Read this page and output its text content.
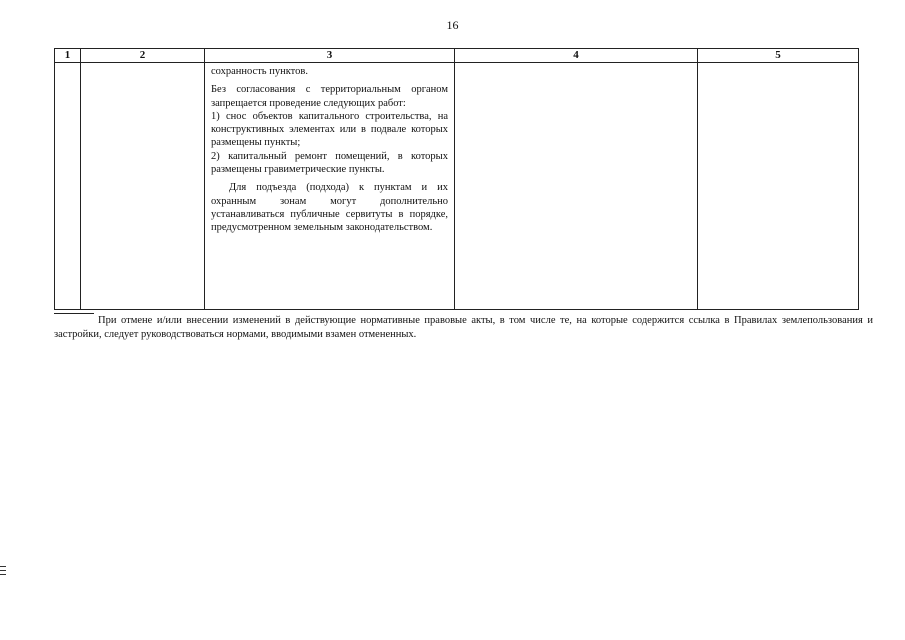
16
1	2	3	4	5

		сохранность пунктов.

Без согласования с территориальным органом запрещается проведение следующих работ:

1) снос объектов капитального строительства, на конструктивных элементах или в подвале которых размещены пункты;

2) капитальный ремонт помещений, в которых размещены гравиметрические пункты.

Для подъезда (подхода) к пунктам и их охранным зонам могут дополнительно устанавливаться публичные сервитуты в порядке, предусмотренном земельным законодательством.		

При отмене и/или внесении изменений в действующие нормативные правовые акты, в том числе те, на которые содержится ссылка в Правилах землепользования и застройки, следует руководствоваться нормами, вводимыми взамен отмененных.
